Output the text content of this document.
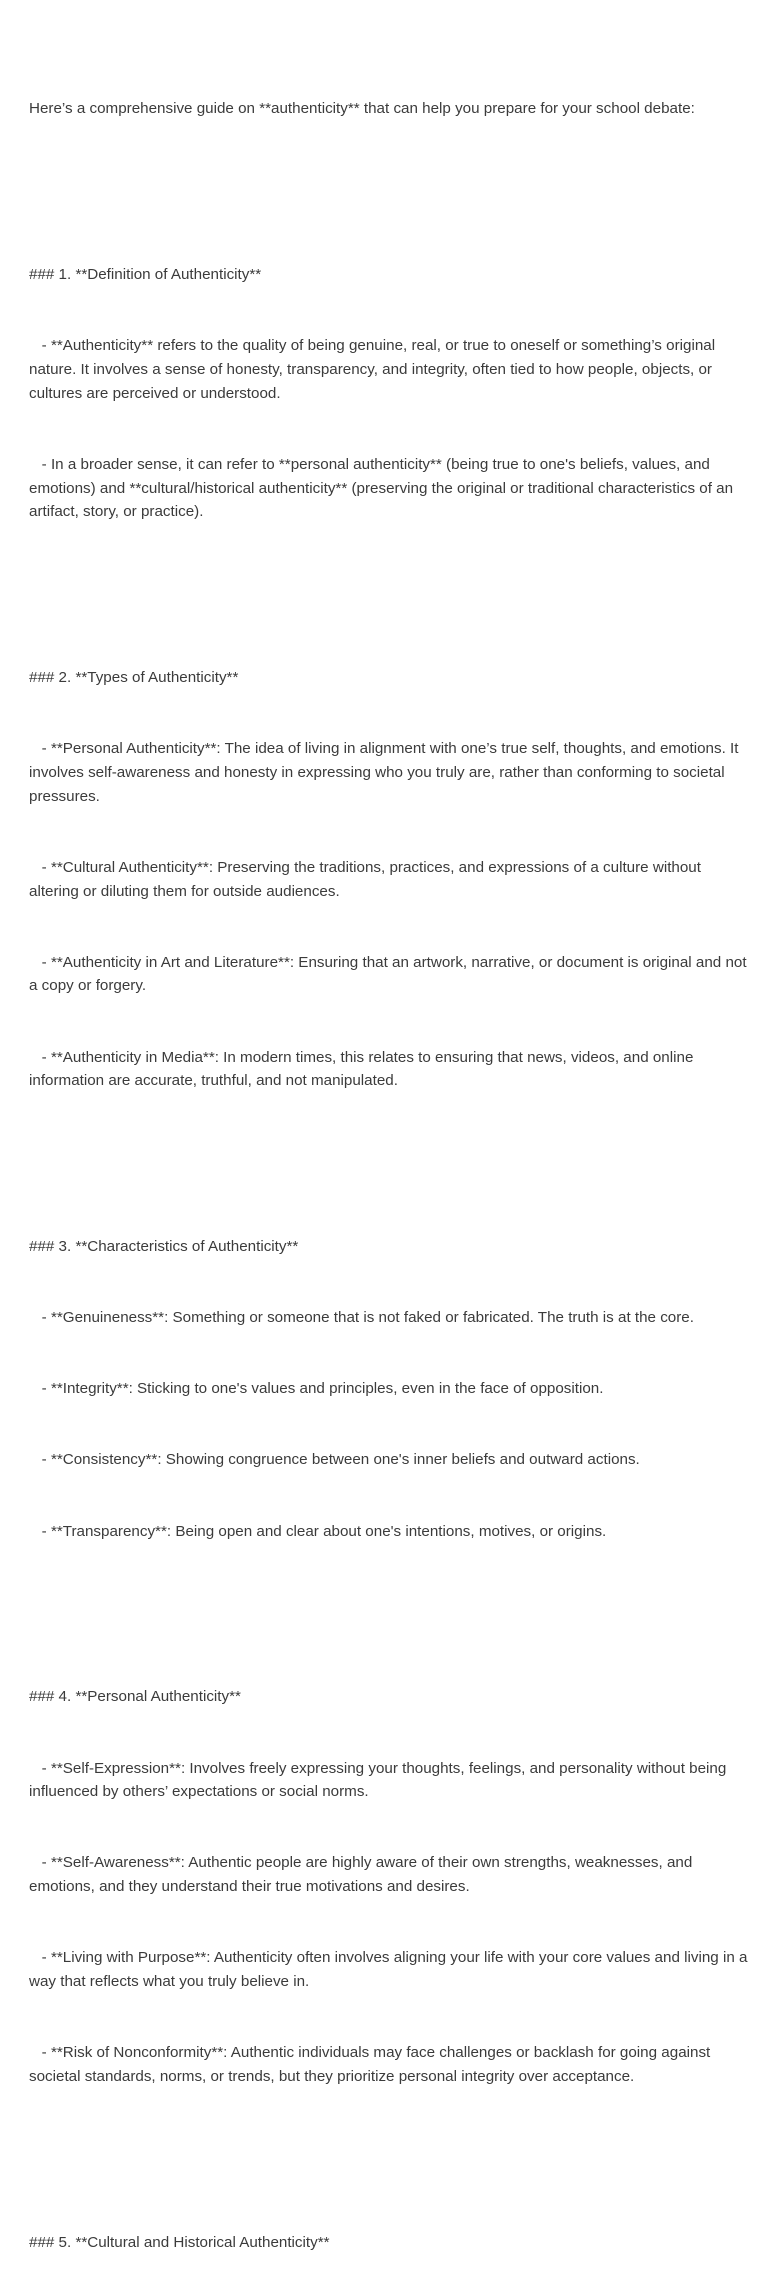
Here’s a comprehensive guide on **authenticity** that can help you prepare for your school debate:

### 1. **Definition of Authenticity**

- **Authenticity** refers to the quality of being genuine, real, or true to oneself or something’s original nature. It involves a sense of honesty, transparency, and integrity, often tied to how people, objects, or cultures are perceived or understood.

- In a broader sense, it can refer to **personal authenticity** (being true to one's beliefs, values, and emotions) and **cultural/historical authenticity** (preserving the original or traditional characteristics of an artifact, story, or practice).

### 2. **Types of Authenticity**

- **Personal Authenticity**: The idea of living in alignment with one’s true self, thoughts, and emotions. It involves self-awareness and honesty in expressing who you truly are, rather than conforming to societal pressures.

- **Cultural Authenticity**: Preserving the traditions, practices, and expressions of a culture without altering or diluting them for outside audiences.

- **Authenticity in Art and Literature**: Ensuring that an artwork, narrative, or document is original and not a copy or forgery.

- **Authenticity in Media**: In modern times, this relates to ensuring that news, videos, and online information are accurate, truthful, and not manipulated.

### 3. **Characteristics of Authenticity**

- **Genuineness**: Something or someone that is not faked or fabricated. The truth is at the core.

- **Integrity**: Sticking to one's values and principles, even in the face of opposition.

- **Consistency**: Showing congruence between one's inner beliefs and outward actions.

- **Transparency**: Being open and clear about one's intentions, motives, or origins.

### 4. **Personal Authenticity**

- **Self-Expression**: Involves freely expressing your thoughts, feelings, and personality without being influenced by others’ expectations or social norms.

- **Self-Awareness**: Authentic people are highly aware of their own strengths, weaknesses, and emotions, and they understand their true motivations and desires.

- **Living with Purpose**: Authenticity often involves aligning your life with your core values and living in a way that reflects what you truly believe in.

- **Risk of Nonconformity**: Authentic individuals may face challenges or backlash for going against societal standards, norms, or trends, but they prioritize personal integrity over acceptance.

### 5. **Cultural and Historical Authenticity**
